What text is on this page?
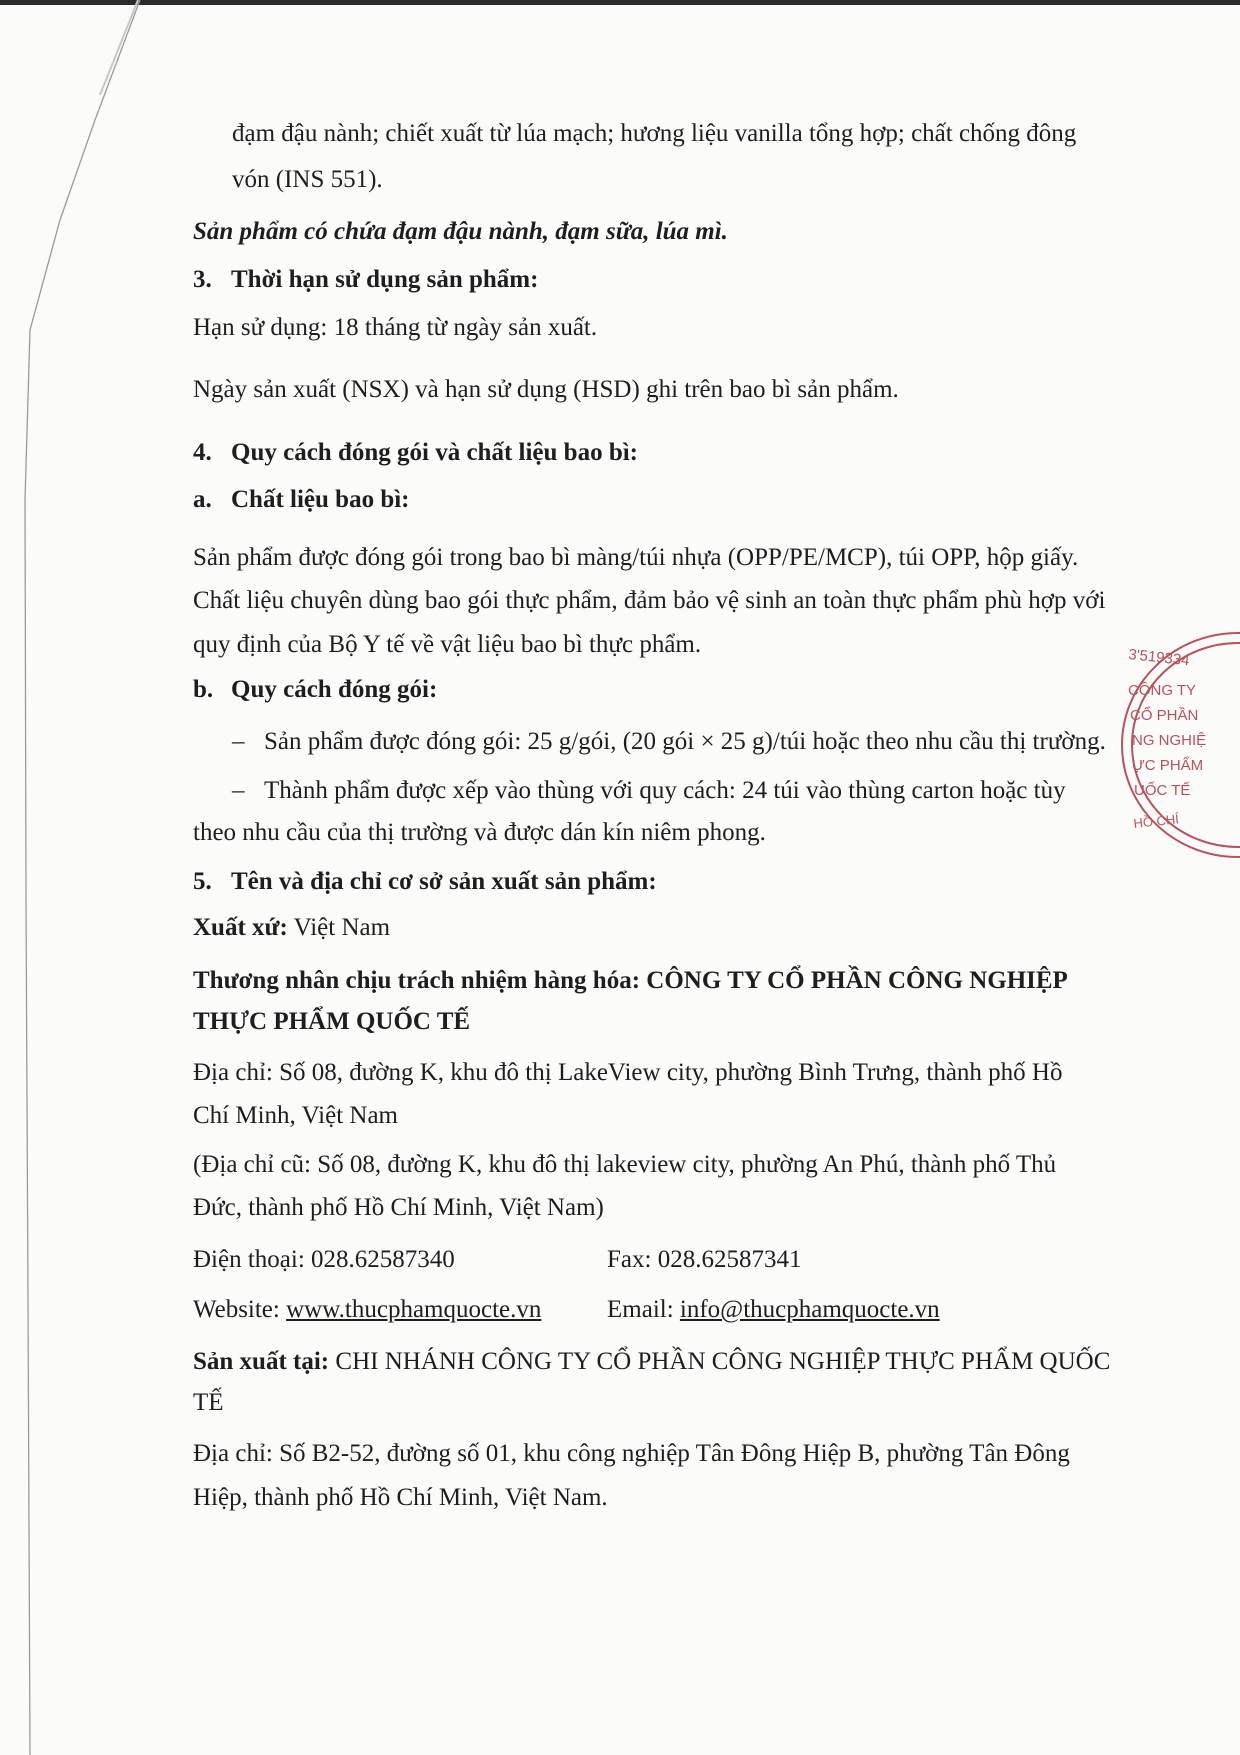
đạm đậu nành; chiết xuất từ lúa mạch; hương liệu vanilla tổng hợp; chất chống đông
vón (INS 551).
Sản phẩm có chứa đạm đậu nành, đạm sữa, lúa mì.
3. Thời hạn sử dụng sản phẩm:
Hạn sử dụng: 18 tháng từ ngày sản xuất.
Ngày sản xuất (NSX) và hạn sử dụng (HSD) ghi trên bao bì sản phẩm.
4. Quy cách đóng gói và chất liệu bao bì:
a. Chất liệu bao bì:
Sản phẩm được đóng gói trong bao bì màng/túi nhựa (OPP/PE/MCP), túi OPP, hộp giấy.
Chất liệu chuyên dùng bao gói thực phẩm, đảm bảo vệ sinh an toàn thực phẩm phù hợp với
quy định của Bộ Y tế về vật liệu bao bì thực phẩm.
b. Quy cách đóng gói:
– Sản phẩm được đóng gói: 25 g/gói, (20 gói × 25 g)/túi hoặc theo nhu cầu thị trường.
– Thành phẩm được xếp vào thùng với quy cách: 24 túi vào thùng carton hoặc tùy
theo nhu cầu của thị trường và được dán kín niêm phong.
5. Tên và địa chỉ cơ sở sản xuất sản phẩm:
Xuất xứ: Việt Nam
Thương nhân chịu trách nhiệm hàng hóa: CÔNG TY CỔ PHẦN CÔNG NGHIỆP
THỰC PHẨM QUỐC TẾ
Địa chỉ: Số 08, đường K, khu đô thị LakeView city, phường Bình Trưng, thành phố Hồ
Chí Minh, Việt Nam
(Địa chỉ cũ: Số 08, đường K, khu đô thị lakeview city, phường An Phú, thành phố Thủ
Đức, thành phố Hồ Chí Minh, Việt Nam)
Điện thoại: 028.62587340	Fax: 028.62587341
Website: www.thucphamquocte.vn	Email: info@thucphamquocte.vn
Sản xuất tại: CHI NHÁNH CÔNG TY CỔ PHẦN CÔNG NGHIỆP THỰC PHẨM QUỐC
TẾ
Địa chỉ: Số B2-52, đường số 01, khu công nghiệp Tân Đông Hiệp B, phường Tân Đông
Hiệp, thành phố Hồ Chí Minh, Việt Nam.
3'519334
CÔNG TY
CỔ PHẦN
NG NGHIỆ
ỰC PHẨM
UỐC TẾ
HỒ CHÍ
